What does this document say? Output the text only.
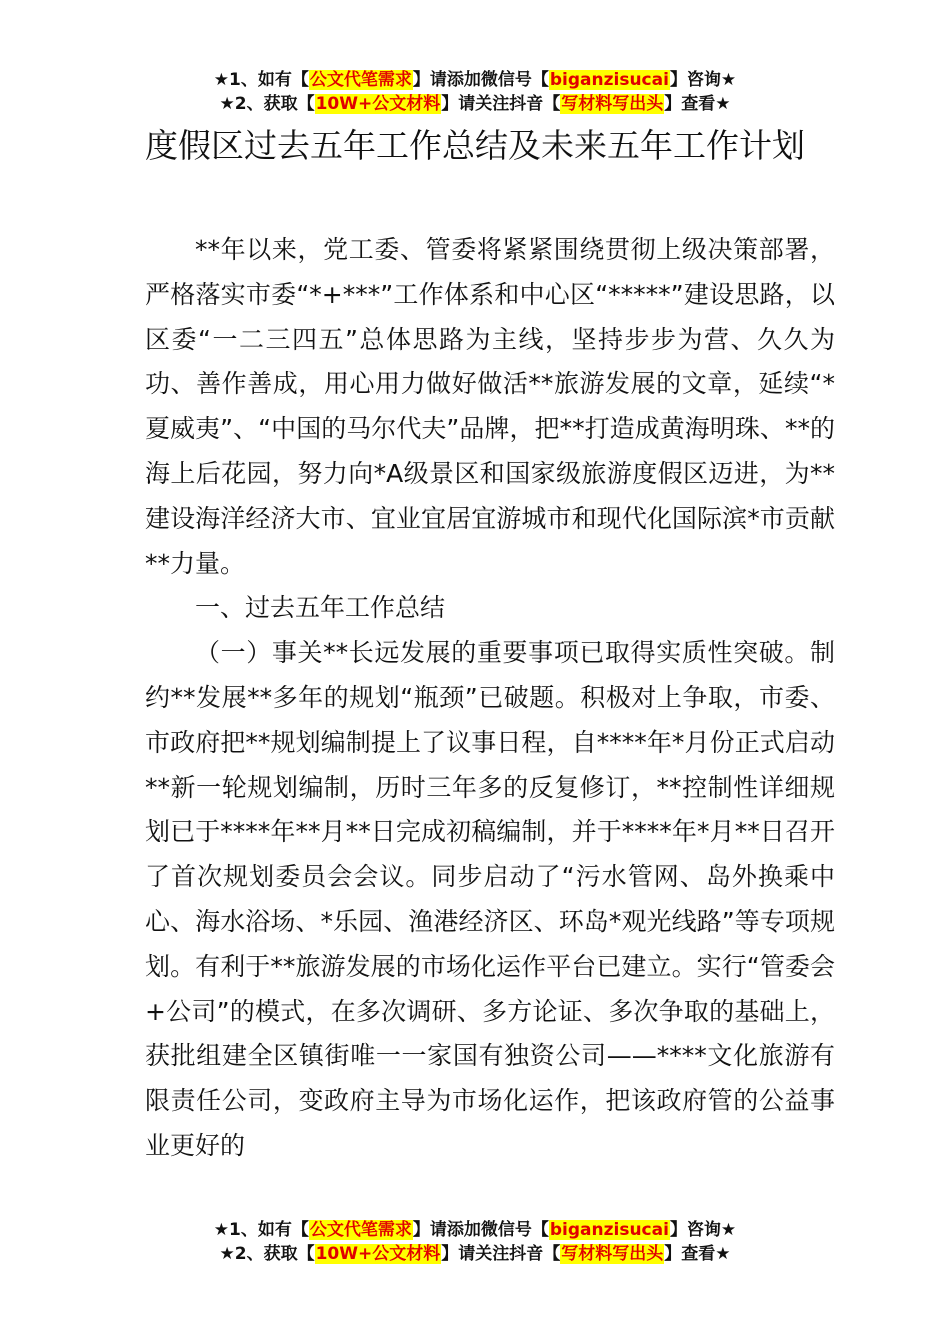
★1、如有【公文代笔需求】请添加微信号【biganzisucai】咨询★
★2、获取【10W+公文材料】请关注抖音【写材料写出头】查看★
度假区过去五年工作总结及未来五年工作计划

**年以来，党工委、管委将紧紧围绕贯彻上级决策部署，严格落实市委“*+***”工作体系和中心区“*****”建设思路，以区委“一二三四五”总体思路为主线，坚持步步为营、久久为功、善作善成，用心用力做好做活**旅游发展的文章，延续“*夏威夷”、“中国的马尔代夫”品牌，把**打造成黄海明珠、**的海上后花园，努力向*A级景区和国家级旅游度假区迈进，为**建设海洋经济大市、宜业宜居宜游城市和现代化国际滨*市贡献**力量。

一、过去五年工作总结

（一）事关**长远发展的重要事项已取得实质性突破。制约**发展**多年的规划“瓶颈”已破题。积极对上争取，市委、市政府把**规划编制提上了议事日程，自****年*月份正式启动**新一轮规划编制，历时三年多的反复修订，**控制性详细规划已于****年**月**日完成初稿编制，并于****年*月**日召开了首次规划委员会会议。同步启动了“污水管网、岛外换乘中心、海水浴场、*乐园、渔港经济区、环岛*观光线路”等专项规划。有利于**旅游发展的市场化运作平台已建立。实行“管委会+公司”的模式，在多次调研、多方论证、多次争取的基础上，获批组建全区镇街唯一一家国有独资公司——****文化旅游有限责任公司，变政府主导为市场化运作，把该政府管的公益事业更好的

★1、如有【公文代笔需求】请添加微信号【biganzisucai】咨询★
★2、获取【10W+公文材料】请关注抖音【写材料写出头】查看★
